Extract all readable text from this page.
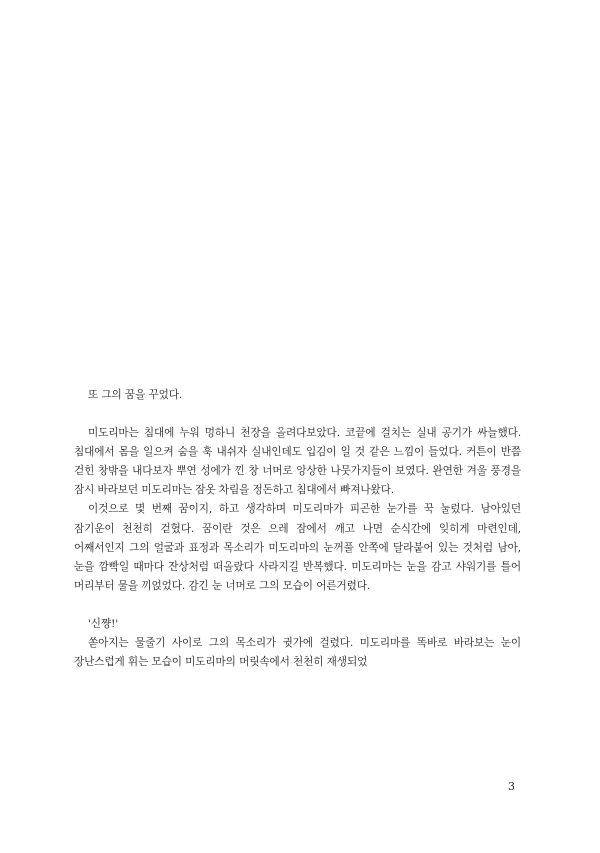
또 그의 꿈을 꾸었다.

미도리마는 침대에 누워 멍하니 천장을 올려다보았다. 코끝에 걸치는 실내 공기가 싸늘했다. 침대에서 몸을 일으켜 숨을 훅 내쉬자 실내인데도 입김이 일 것 같은 느낌이 들었다. 커튼이 반쯤 걷힌 창밖을 내다보자 뿌연 성에가 낀 창 너머로 앙상한 나뭇가지들이 보였다. 완연한 겨울 풍경을 잠시 바라보던 미도리마는 잠옷 차림을 정돈하고 침대에서 빠져나왔다.

이것으로 몇 번째 꿈이지, 하고 생각하며 미도리마가 피곤한 눈가를 꾹 눌렀다. 남아있던 잠기운이 천천히 걷혔다. 꿈이란 것은 으레 잠에서 깨고 나면 순식간에 잊히게 마련인데, 어째서인지 그의 얼굴과 표정과 목소리가 미도리마의 눈꺼풀 안쪽에 달라붙어 있는 것처럼 남아, 눈을 깜빡일 때마다 잔상처럼 떠올랐다 사라지길 반복했다. 미도리마는 눈을 감고 샤워기를 틀어 머리부터 물을 끼얹었다. 감긴 눈 너머로 그의 모습이 어른거렸다.

'신쨩!'

쏟아지는 물줄기 사이로 그의 목소리가 귓가에 걸렸다. 미도리마를 똑바로 바라보는 눈이 장난스럽게 휘는 모습이 미도리마의 머릿속에서 천천히 재생되었

3
